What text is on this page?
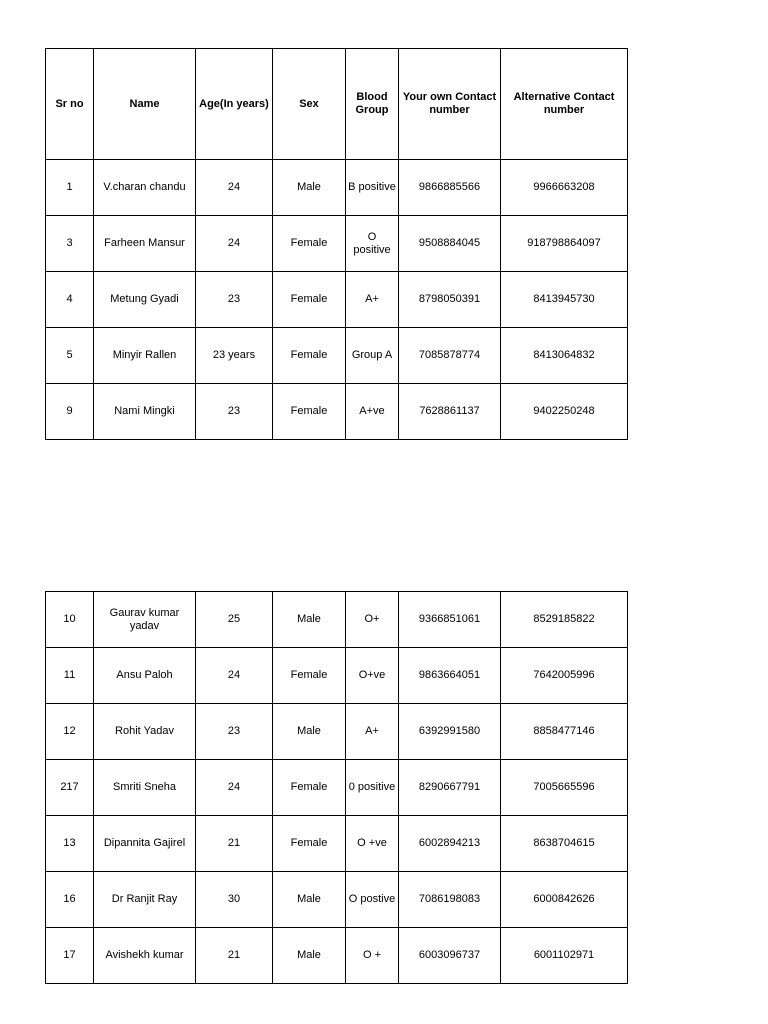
Sr no	Name	Age(In years)	Sex	Blood Group	Your own Contact number	Alternative Contact number
1	V.charan chandu	24	Male	B positive	9866885566	9966663208
3	Farheen Mansur	24	Female	O positive	9508884045	918798864097
4	Metung Gyadi	23	Female	A+	8798050391	8413945730
5	Minyir Rallen	23 years	Female	Group A	7085878774	8413064832
9	Nami Mingki	23	Female	A+ve	7628861137	9402250248
10	Gaurav kumar yadav	25	Male	O+	9366851061	8529185822
11	Ansu Paloh	24	Female	O+ve	9863664051	7642005996
12	Rohit Yadav	23	Male	A+	6392991580	8858477146
217	Smriti Sneha	24	Female	0 positive	8290667791	7005665596
13	Dipannita Gajirel	21	Female	O +ve	6002894213	8638704615
16	Dr Ranjit Ray	30	Male	O postive	7086198083	6000842626
17	Avishekh kumar	21	Male	O +	6003096737	6001102971
